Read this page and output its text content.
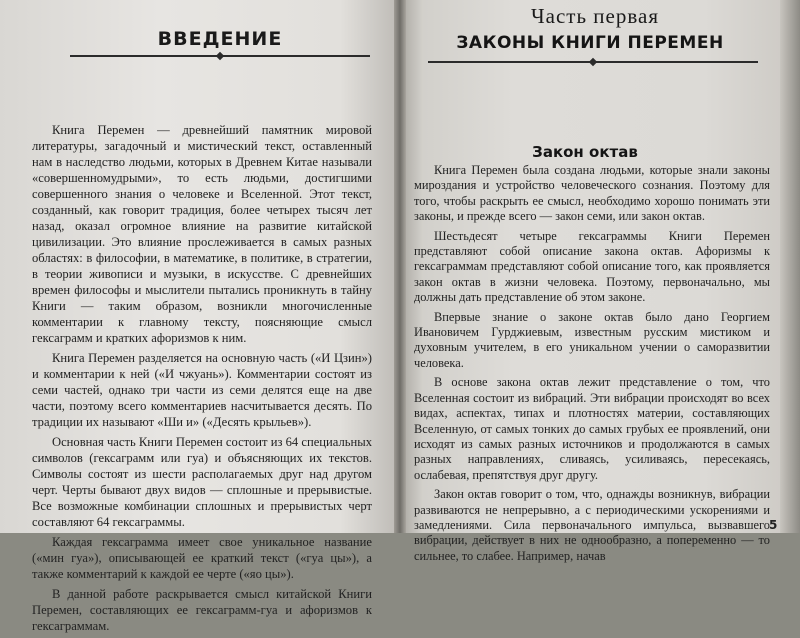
ВВЕДЕНИЕ

Книга Перемен — древнейший памятник мировой литературы, загадочный и мистический текст, оставленный нам в наследство людьми, которых в Древнем Китае называли «совершенномудрыми», то есть людьми, достигшими совершенного знания о человеке и Вселенной. Этот текст, созданный, как говорит традиция, более четырех тысяч лет назад, оказал огромное влияние на развитие китайской цивилизации. Это влияние прослеживается в самых разных областях: в философии, в математике, в политике, в стратегии, в теории живописи и музыки, в искусстве. С древнейших времен философы и мыслители пытались проникнуть в тайну Книги — таким образом, возникли многочисленные комментарии к главному тексту, поясняющие смысл гексаграмм и кратких афоризмов к ним.

Книга Перемен разделяется на основную часть («И Цзин») и комментарии к ней («И чжуань»). Комментарии состоят из семи частей, однако три части из семи делятся еще на две части, поэтому всего комментариев насчитывается десять. По традиции их называют «Ши и» («Десять крыльев»).

Основная часть Книги Перемен состоит из 64 специальных символов (гексаграмм или гуа) и объясняющих их текстов. Символы состоят из шести располагаемых друг над другом черт. Черты бывают двух видов — сплошные и прерывистые. Все возможные комбинации сплошных и прерывистых черт составляют 64 гексаграммы.

Каждая гексаграмма имеет свое уникальное название («мин гуа»), описывающей ее краткий текст («гуа цы»), а также комментарий к каждой ее черте («яо цы»).

В данной работе раскрывается смысл китайской Книги Перемен, составляющих ее гексаграмм-гуа и афоризмов к гексаграммам.

Часть первая
ЗАКОНЫ КНИГИ ПЕРЕМЕН
Закон октав

Книга Перемен была создана людьми, которые знали законы мироздания и устройство человеческого сознания. Поэтому для того, чтобы раскрыть ее смысл, необходимо хорошо понимать эти законы, и прежде всего — закон семи, или закон октав.

Шестьдесят четыре гексаграммы Книги Перемен представляют собой описание закона октав. Афоризмы к гексаграммам представляют собой описание того, как проявляется закон октав в жизни человека. Поэтому, первоначально, мы должны дать представление об этом законе.

Впервые знание о законе октав было дано Георгием Ивановичем Гурджиевым, известным русским мистиком и духовным учителем, в его уникальном учении о саморазвитии человека.

В основе закона октав лежит представление о том, что Вселенная состоит из вибраций. Эти вибрации происходят во всех видах, аспектах, типах и плотностях материи, составляющих Вселенную, от самых тонких до самых грубых ее проявлений, они исходят из самых разных источников и продолжаются в самых разных направлениях, сливаясь, усиливаясь, пересекаясь, ослабевая, препятствуя друг другу.

Закон октав говорит о том, что, однажды возникнув, вибрации развиваются не непрерывно, а с периодическими ускорениями и замедлениями. Сила первоначального импульса, вызвавшего вибрации, действует в них не однообразно, а попеременно — то сильнее, то слабее. Например, начав

5
